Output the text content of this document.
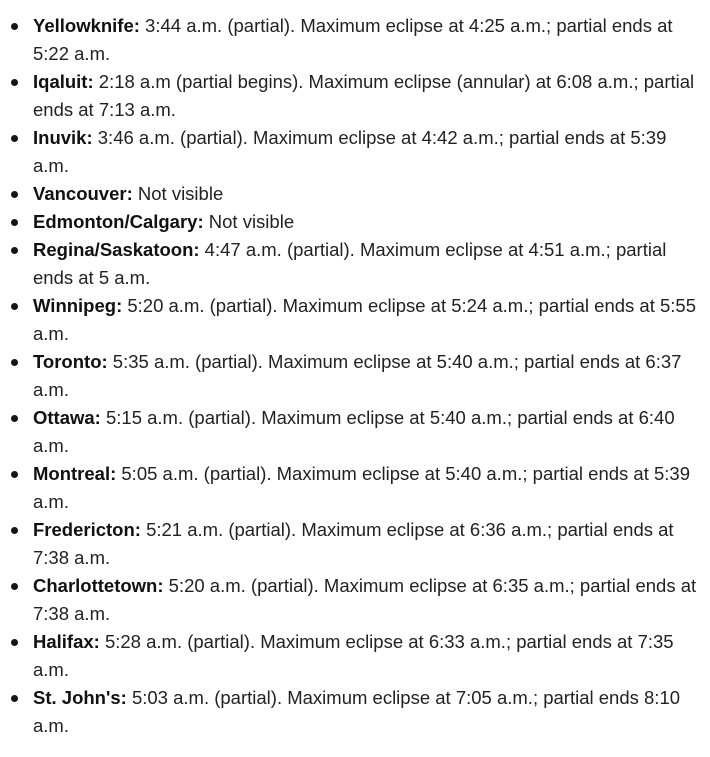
Yellowknife: 3:44 a.m. (partial). Maximum eclipse at 4:25 a.m.; partial ends at 5:22 a.m.
Iqaluit: 2:18 a.m (partial begins). Maximum eclipse (annular) at 6:08 a.m.; partial ends at 7:13 a.m.
Inuvik: 3:46 a.m. (partial). Maximum eclipse at 4:42 a.m.; partial ends at 5:39 a.m.
Vancouver: Not visible
Edmonton/Calgary: Not visible
Regina/Saskatoon: 4:47 a.m. (partial). Maximum eclipse at 4:51 a.m.; partial ends at 5 a.m.
Winnipeg: 5:20 a.m. (partial). Maximum eclipse at 5:24 a.m.; partial ends at 5:55 a.m.
Toronto: 5:35 a.m. (partial). Maximum eclipse at 5:40 a.m.; partial ends at 6:37 a.m.
Ottawa: 5:15 a.m. (partial). Maximum eclipse at 5:40 a.m.; partial ends at 6:40 a.m.
Montreal: 5:05 a.m. (partial). Maximum eclipse at 5:40 a.m.; partial ends at 5:39 a.m.
Fredericton: 5:21 a.m. (partial). Maximum eclipse at 6:36 a.m.; partial ends at 7:38 a.m.
Charlottetown: 5:20 a.m. (partial). Maximum eclipse at 6:35 a.m.; partial ends at 7:38 a.m.
Halifax: 5:28 a.m. (partial). Maximum eclipse at 6:33 a.m.; partial ends at 7:35 a.m.
St. John's: 5:03 a.m. (partial). Maximum eclipse at 7:05 a.m.; partial ends 8:10 a.m.
